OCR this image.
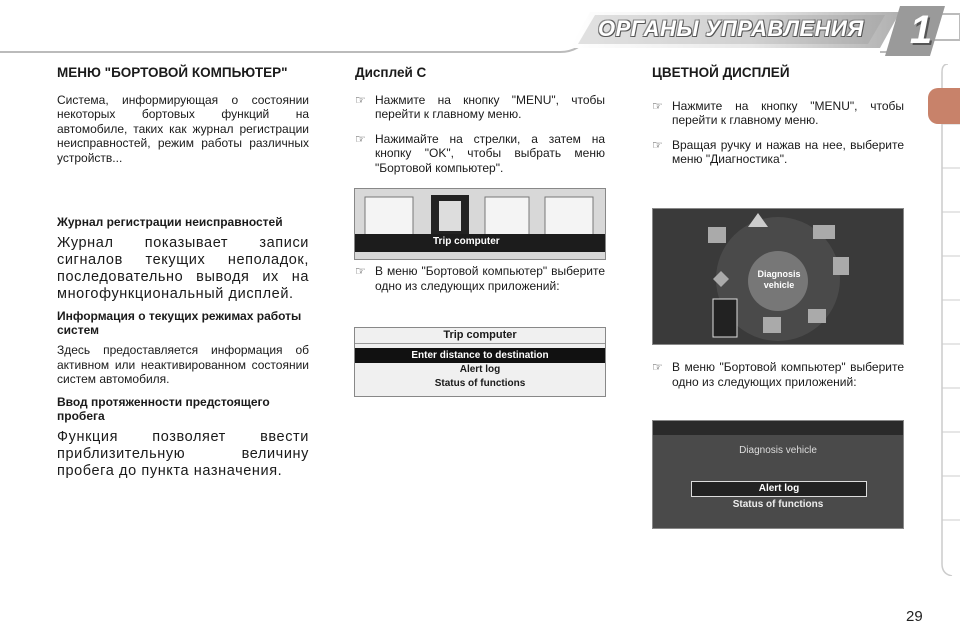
ОРГАНЫ УПРАВЛЕНИЯ 1
МЕНЮ "БОРТОВОЙ КОМПЬЮТЕР"

Система, информирующая о состоянии некоторых бортовых функций на автомобиле, таких как журнал регистрации неисправностей, режим работы различных устройств...

Журнал регистрации неисправностей

Журнал показывает записи сигналов текущих неполадок, последовательно выводя их на многофункциональный дисплей.

Информация о текущих режимах работы систем

Здесь предоставляется информация об активном или неактивированном состоянии систем автомобиля.

Ввод протяженности предстоящего пробега

Функция позволяет ввести приблизительную величину пробега до пункта назначения.

Дисплей С
☞ Нажмите на кнопку "MENU", чтобы перейти к главному меню.
☞ Нажимайте на стрелки, а затем на кнопку "OK", чтобы выбрать меню "Бортовой компьютер".
Trip computer
☞ В меню "Бортовой компьютер" выберите одно из следующих приложений:
Trip computer
Enter distance to destination
Alert log
Status of functions
ЦВЕТНОЙ ДИСПЛЕЙ
☞ Нажмите на кнопку "MENU", чтобы перейти к главному меню.
☞ Вращая ручку и нажав на нее, выберите меню "Диагностика".
Diagnosis vehicle
☞ В меню "Бортовой компьютер" выберите одно из следующих приложений:
Diagnosis vehicle
Alert log
Status of functions
29
